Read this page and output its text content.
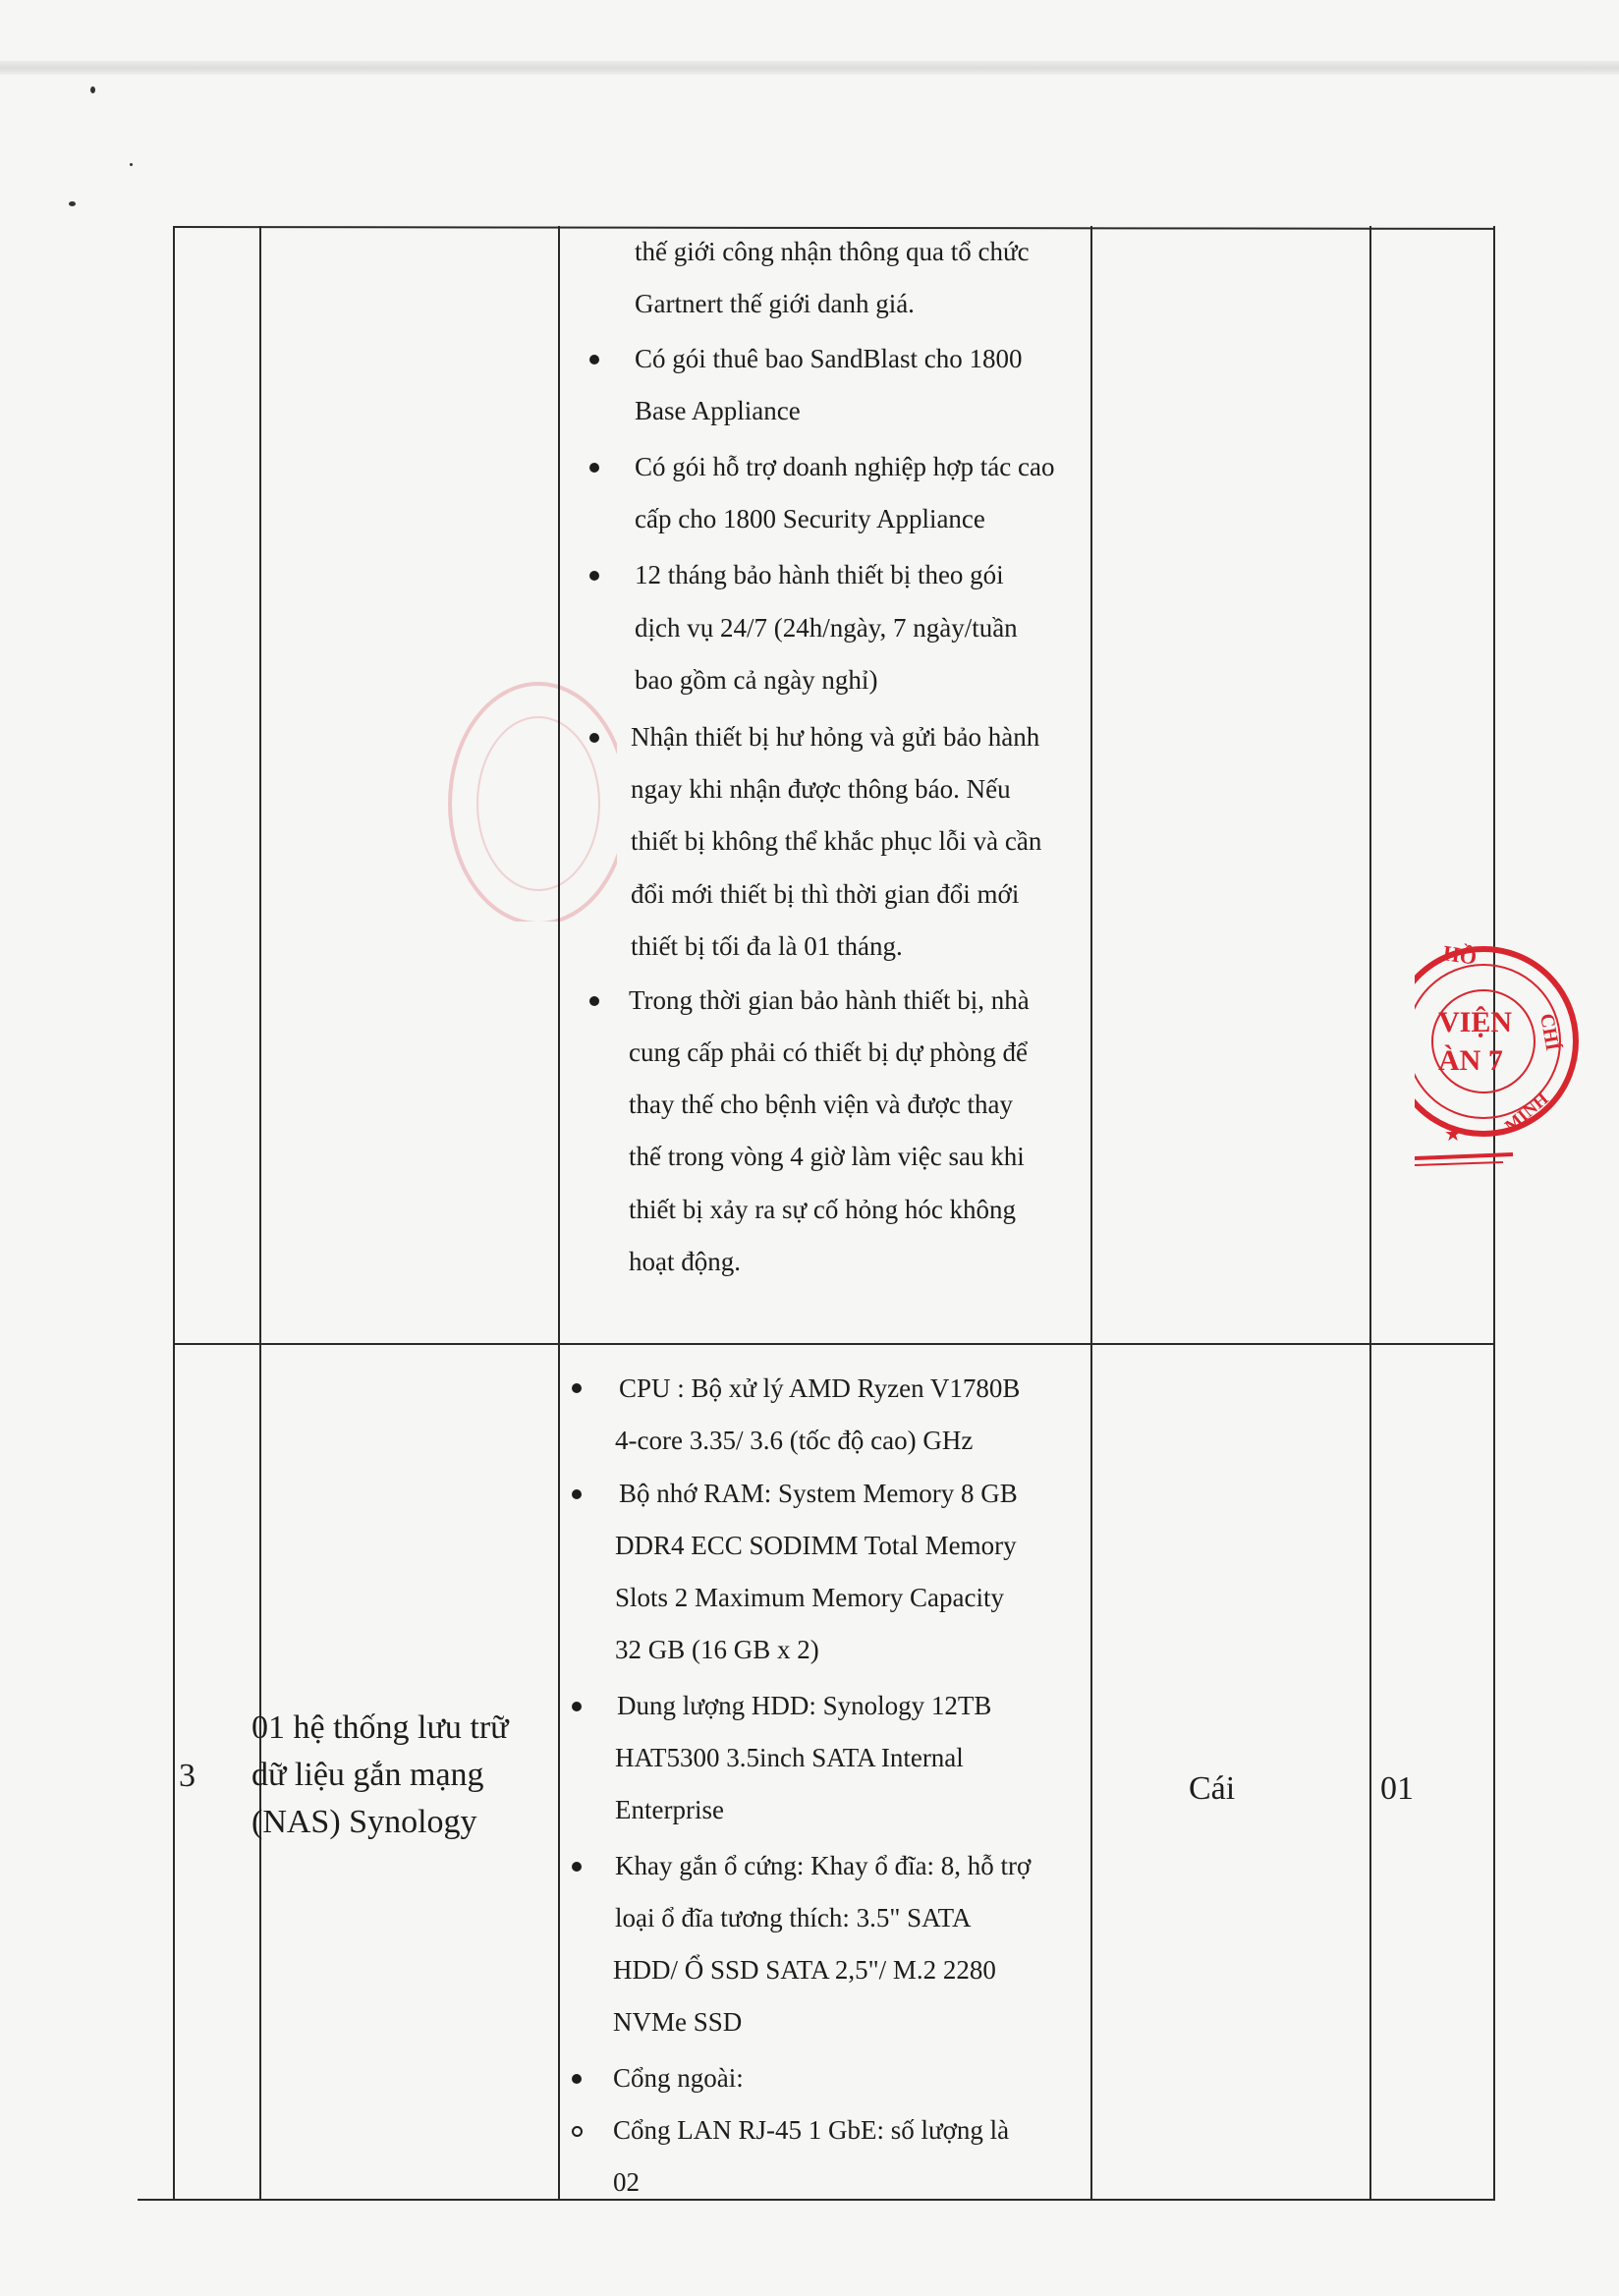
thế giới công nhận thông qua tổ chức
Gartnert thế giới danh giá.
Có gói thuê bao SandBlast cho 1800
Base Appliance
Có gói hỗ trợ doanh nghiệp hợp tác cao
cấp cho 1800 Security Appliance
12 tháng bảo hành thiết bị theo gói
dịch vụ 24/7 (24h/ngày, 7 ngày/tuần
bao gồm cả ngày nghỉ)
Nhận thiết bị hư hỏng và gửi bảo hành
ngay khi nhận được thông báo. Nếu
thiết bị không thể khắc phục lỗi và cần
đổi mới thiết bị thì thời gian đổi mới
thiết bị tối đa là 01 tháng.
Trong thời gian bảo hành thiết bị, nhà
cung cấp phải có thiết bị dự phòng để
thay thế cho bệnh viện và được thay
thế trong vòng 4 giờ làm việc sau khi
thiết bị xảy ra sự cố hỏng hóc không
hoạt động.
3
01 hệ thống lưu trữ
dữ liệu gắn mạng
(NAS) Synology
CPU : Bộ xử lý AMD Ryzen V1780B
4-core 3.35/ 3.6 (tốc độ cao) GHz
Bộ nhớ RAM: System Memory 8 GB
DDR4 ECC SODIMM Total Memory
Slots 2 Maximum Memory Capacity
32 GB (16 GB x 2)
Dung lượng HDD: Synology 12TB
HAT5300 3.5inch SATA Internal
Enterprise
Khay gắn ổ cứng: Khay ổ đĩa: 8, hỗ trợ
loại ổ đĩa tương thích: 3.5" SATA
HDD/ Ổ SSD SATA 2,5"/ M.2 2280
NVMe SSD
Cổng ngoài:
Cổng LAN RJ-45 1 GbE: số lượng là
02
Cái	01
HỒ
VIỆN
ÀN 7
CHÍ
MINH
★
